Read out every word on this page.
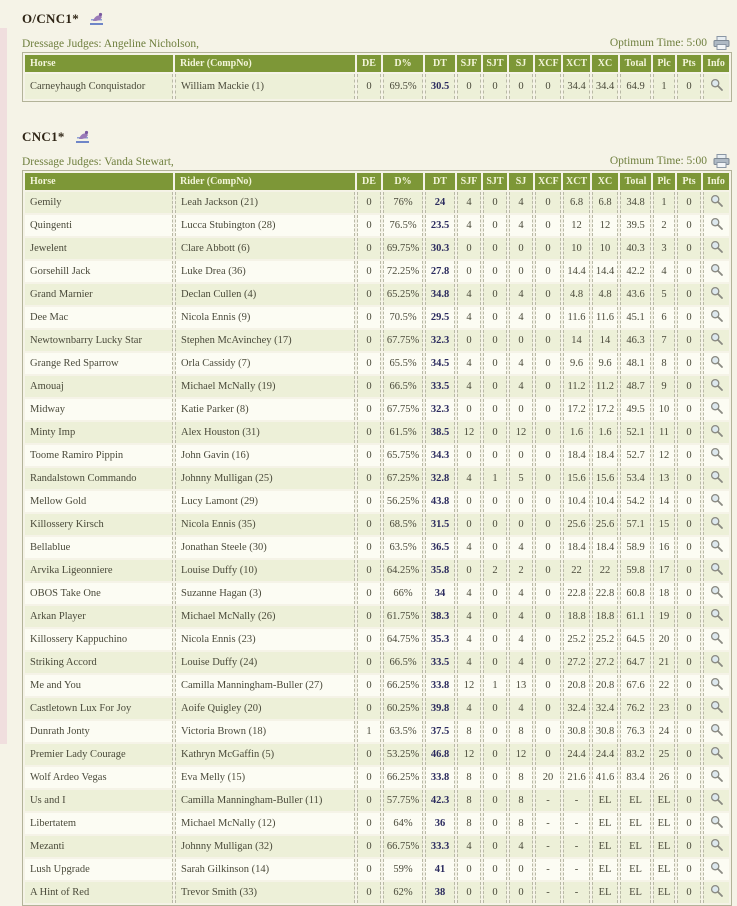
O/CNC1*
Dressage Judges: Angeline Nicholson,	Optimum Time: 5:00
Horse	Rider (CompNo)	DE	D%	DT	SJF	SJT	SJ	XCF	XCT	XC	Total	Plc	Pts	Info
Carneyhaugh Conquistador	William Mackie (1)	0	69.5%	30.5	0	0	0	0	34.4	34.4	64.9	1	0	
CNC1*
Dressage Judges: Vanda Stewart,	Optimum Time: 5:00
Horse	Rider (CompNo)	DE	D%	DT	SJF	SJT	SJ	XCF	XCT	XC	Total	Plc	Pts	Info
Gemily	Leah Jackson (21)	0	76%	24	4	0	4	0	6.8	6.8	34.8	1	0	
Quingenti	Lucca Stubington (28)	0	76.5%	23.5	4	0	4	0	12	12	39.5	2	0	
Jewelent	Clare Abbott (6)	0	69.75%	30.3	0	0	0	0	10	10	40.3	3	0	
Gorsehill Jack	Luke Drea (36)	0	72.25%	27.8	0	0	0	0	14.4	14.4	42.2	4	0	
Grand Marnier	Declan Cullen (4)	0	65.25%	34.8	4	0	4	0	4.8	4.8	43.6	5	0	
Dee Mac	Nicola Ennis (9)	0	70.5%	29.5	4	0	4	0	11.6	11.6	45.1	6	0	
Newtownbarry Lucky Star	Stephen McAvinchey (17)	0	67.75%	32.3	0	0	0	0	14	14	46.3	7	0	
Grange Red Sparrow	Orla Cassidy (7)	0	65.5%	34.5	4	0	4	0	9.6	9.6	48.1	8	0	
Amouaj	Michael McNally (19)	0	66.5%	33.5	4	0	4	0	11.2	11.2	48.7	9	0	
Midway	Katie Parker (8)	0	67.75%	32.3	0	0	0	0	17.2	17.2	49.5	10	0	
Minty Imp	Alex Houston (31)	0	61.5%	38.5	12	0	12	0	1.6	1.6	52.1	11	0	
Toome Ramiro Pippin	John Gavin (16)	0	65.75%	34.3	0	0	0	0	18.4	18.4	52.7	12	0	
Randalstown Commando	Johnny Mulligan (25)	0	67.25%	32.8	4	1	5	0	15.6	15.6	53.4	13	0	
Mellow Gold	Lucy Lamont (29)	0	56.25%	43.8	0	0	0	0	10.4	10.4	54.2	14	0	
Killossery Kirsch	Nicola Ennis (35)	0	68.5%	31.5	0	0	0	0	25.6	25.6	57.1	15	0	
Bellablue	Jonathan Steele (30)	0	63.5%	36.5	4	0	4	0	18.4	18.4	58.9	16	0	
Arvika Ligeonniere	Louise Duffy (10)	0	64.25%	35.8	0	2	2	0	22	22	59.8	17	0	
OBOS Take One	Suzanne Hagan (3)	0	66%	34	4	0	4	0	22.8	22.8	60.8	18	0	
Arkan Player	Michael McNally (26)	0	61.75%	38.3	4	0	4	0	18.8	18.8	61.1	19	0	
Killossery Kappuchino	Nicola Ennis (23)	0	64.75%	35.3	4	0	4	0	25.2	25.2	64.5	20	0	
Striking Accord	Louise Duffy (24)	0	66.5%	33.5	4	0	4	0	27.2	27.2	64.7	21	0	
Me and You	Camilla Manningham-Buller (27)	0	66.25%	33.8	12	1	13	0	20.8	20.8	67.6	22	0	
Castletown Lux For Joy	Aoife Quigley (20)	0	60.25%	39.8	4	0	4	0	32.4	32.4	76.2	23	0	
Dunrath Jonty	Victoria Brown (18)	1	63.5%	37.5	8	0	8	0	30.8	30.8	76.3	24	0	
Premier Lady Courage	Kathryn McGaffin (5)	0	53.25%	46.8	12	0	12	0	24.4	24.4	83.2	25	0	
Wolf Ardeo Vegas	Eva Melly (15)	0	66.25%	33.8	8	0	8	20	21.6	41.6	83.4	26	0	
Us and I	Camilla Manningham-Buller (11)	0	57.75%	42.3	8	0	8	-	-	EL	EL	EL	0	
Libertatem	Michael McNally (12)	0	64%	36	8	0	8	-	-	EL	EL	EL	0	
Mezanti	Johnny Mulligan (32)	0	66.75%	33.3	4	0	4	-	-	EL	EL	EL	0	
Lush Upgrade	Sarah Gilkinson (14)	0	59%	41	0	0	0	-	-	EL	EL	EL	0	
A Hint of Red	Trevor Smith (33)	0	62%	38	0	0	0	-	-	EL	EL	EL	0	
